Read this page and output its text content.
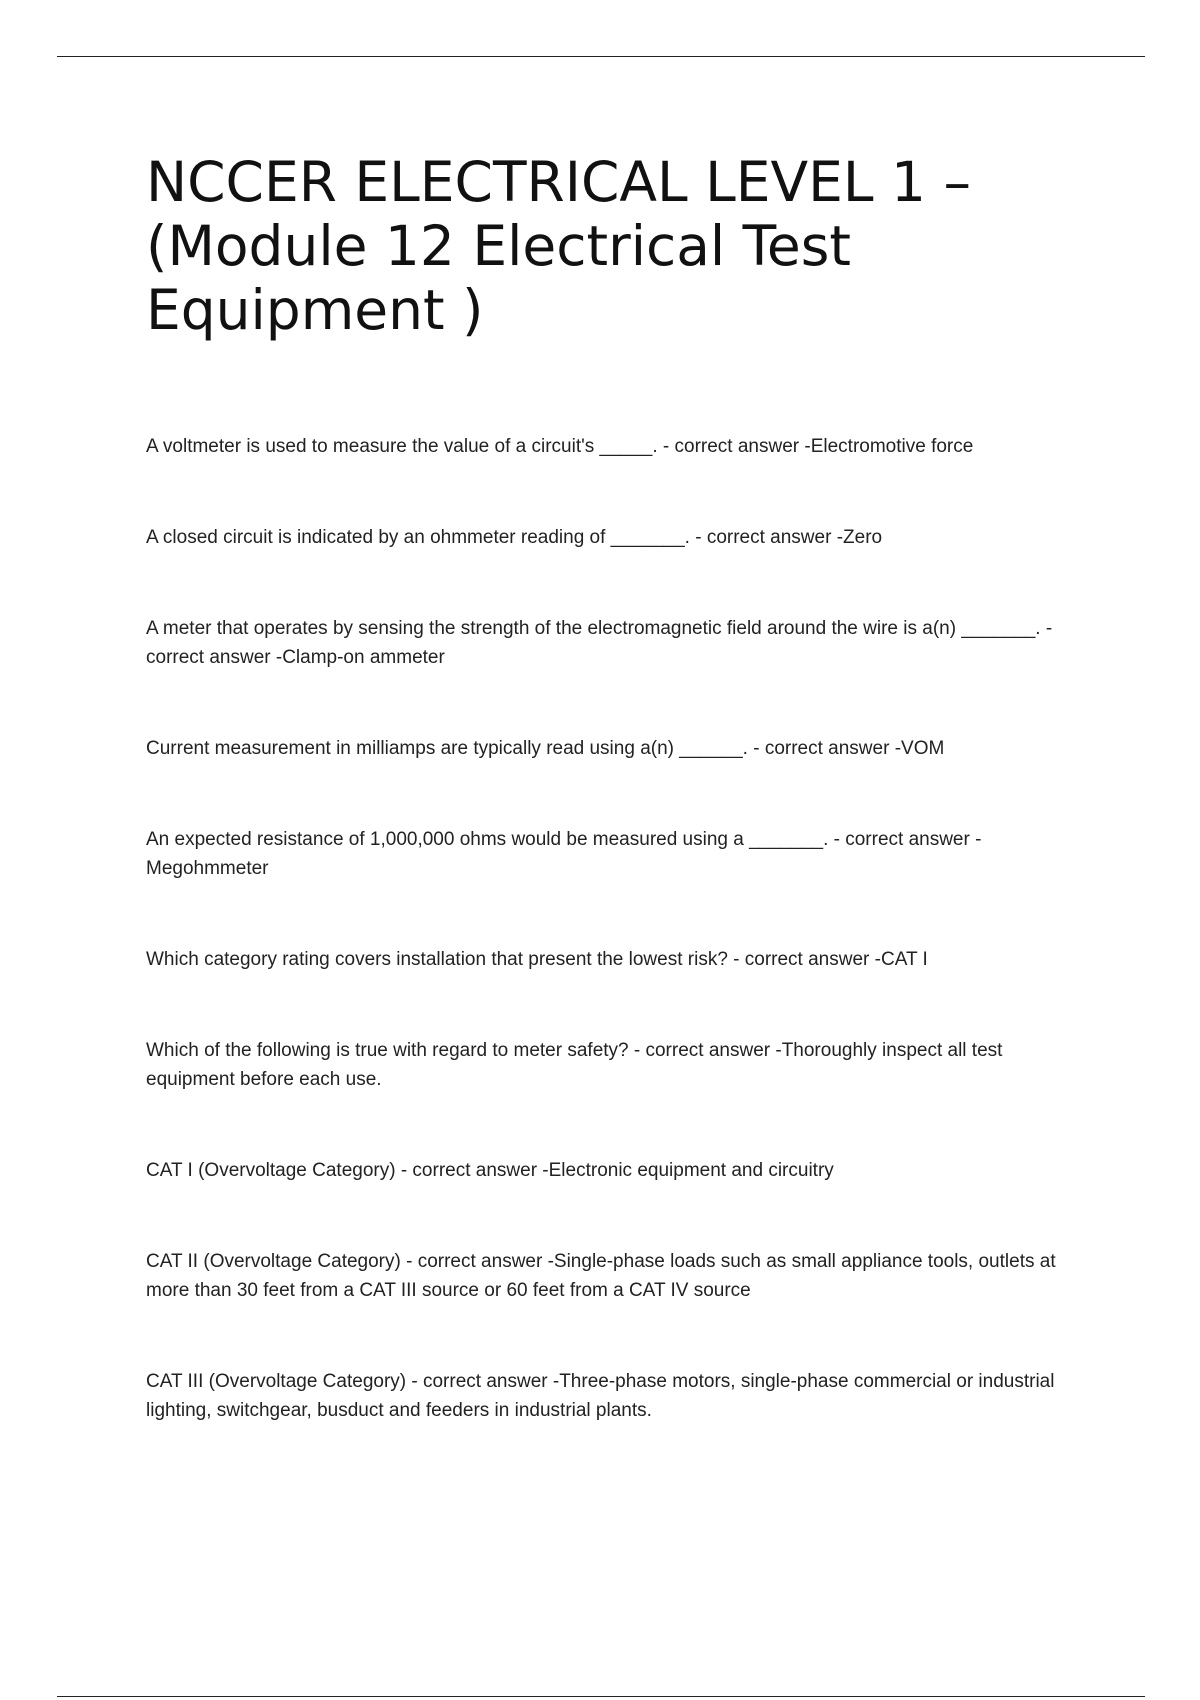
NCCER ELECTRICAL LEVEL 1 – (Module 12 Electrical Test Equipment )
A voltmeter is used to measure the value of a circuit's _____. - correct answer -Electromotive force
A closed circuit is indicated by an ohmmeter reading of _______. - correct answer -Zero
A meter that operates by sensing the strength of the electromagnetic field around the wire is a(n) _______. - correct answer -Clamp-on ammeter
Current measurement in milliamps are typically read using a(n) ______. - correct answer -VOM
An expected resistance of 1,000,000 ohms would be measured using a _______. - correct answer -Megohmmeter
Which category rating covers installation that present the lowest risk? - correct answer -CAT I
Which of the following is true with regard to meter safety? - correct answer -Thoroughly inspect all test equipment before each use.
CAT I (Overvoltage Category) - correct answer -Electronic equipment and circuitry
CAT II (Overvoltage Category) - correct answer -Single-phase loads such as small appliance tools, outlets at more than 30 feet from a CAT III source or 60 feet from a CAT IV source
CAT III (Overvoltage Category) - correct answer -Three-phase motors, single-phase commercial or industrial lighting, switchgear, busduct and feeders in industrial plants.
